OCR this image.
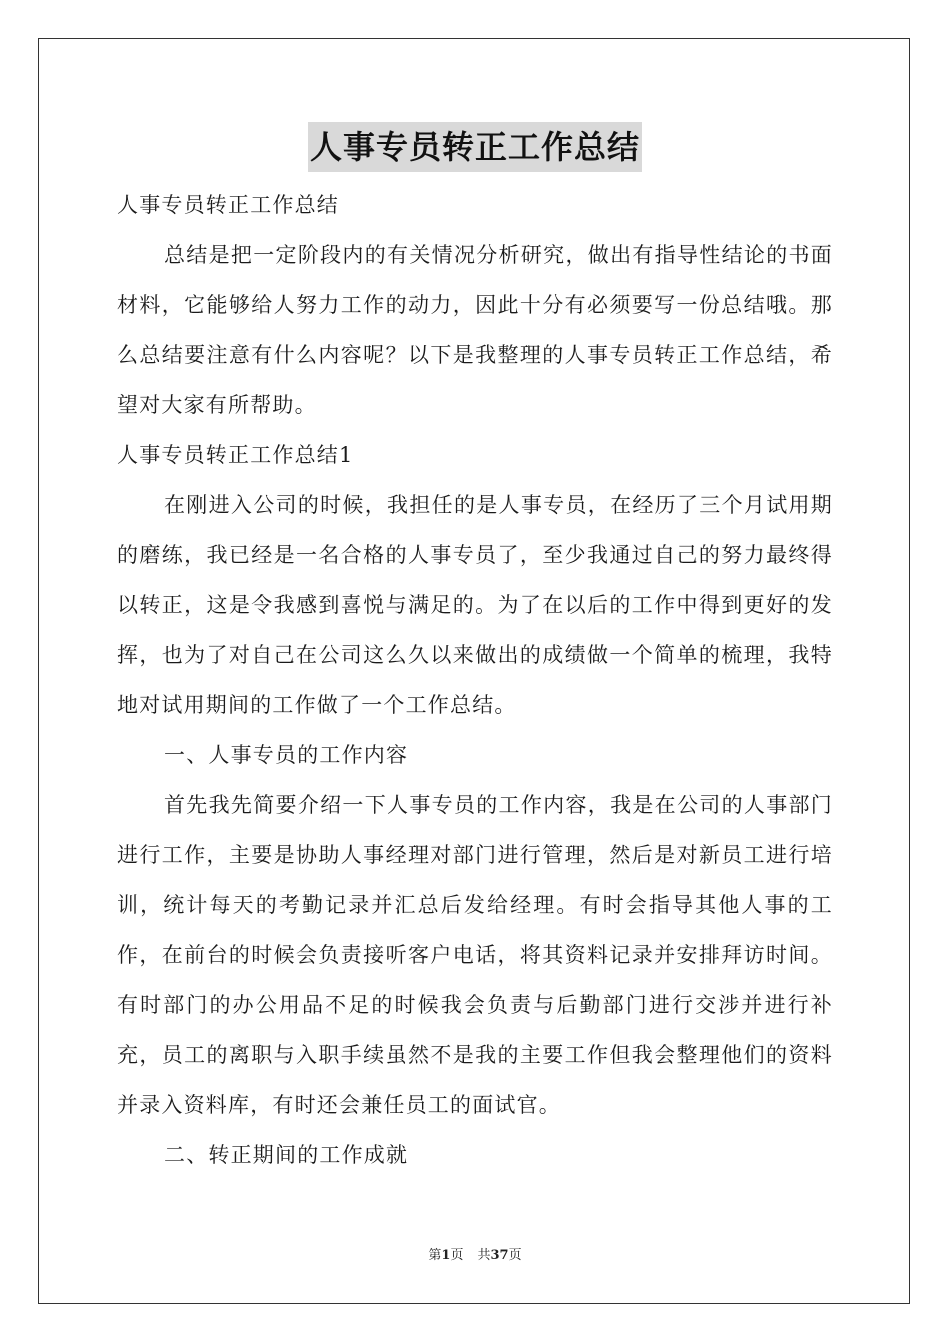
人事专员转正工作总结

人事专员转正工作总结

总结是把一定阶段内的有关情况分析研究，做出有指导性结论的书面材料，它能够给人努力工作的动力，因此十分有必须要写一份总结哦。那么总结要注意有什么内容呢？以下是我整理的人事专员转正工作总结，希望对大家有所帮助。

人事专员转正工作总结1

在刚进入公司的时候，我担任的是人事专员，在经历了三个月试用期的磨练，我已经是一名合格的人事专员了，至少我通过自己的努力最终得以转正，这是令我感到喜悦与满足的。为了在以后的工作中得到更好的发挥，也为了对自己在公司这么久以来做出的成绩做一个简单的梳理，我特地对试用期间的工作做了一个工作总结。

一、人事专员的工作内容

首先我先简要介绍一下人事专员的工作内容，我是在公司的人事部门进行工作，主要是协助人事经理对部门进行管理，然后是对新员工进行培训，统计每天的考勤记录并汇总后发给经理。有时会指导其他人事的工作，在前台的时候会负责接听客户电话，将其资料记录并安排拜访时间。有时部门的办公用品不足的时候我会负责与后勤部门进行交涉并进行补充，员工的离职与入职手续虽然不是我的主要工作但我会整理他们的资料并录入资料库，有时还会兼任员工的面试官。

二、转正期间的工作成就

第1页 共37页
